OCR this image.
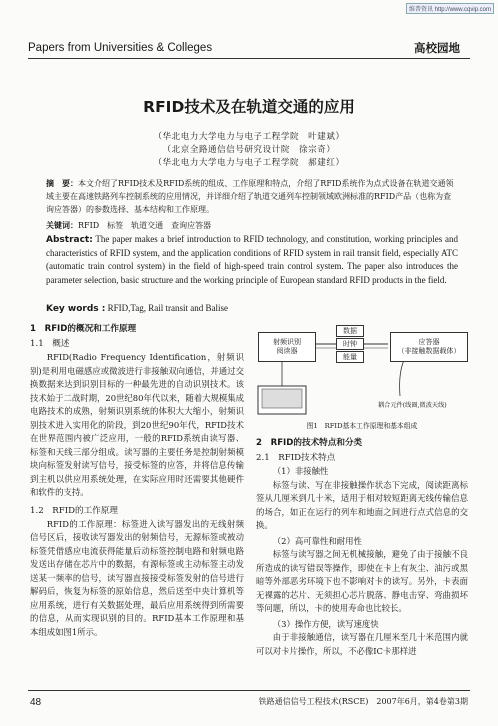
维普资讯 http://www.cqvip.com
Papers from Universities & Colleges	高校园地
RFID技术及在轨道交通的应用
（华北电力大学电力与电子工程学院　叶建斌）
（北京全路通信信号研究设计院　徐宗奇）
（华北电力大学电力与电子工程学院　郝建红）

摘　要：本文介绍了RFID技术及RFID系统的组成、工作原理和特点，介绍了RFID系统作为点式设备在轨道交通领域主要在高速铁路列车控制系统的应用情况，并详细介绍了轨道交通列车控制领域欧洲标准的RFID产品（也称为查询应答器）的参数选择、基本结构和工作原理。

关键词：RFID　标签　轨道交通　查询应答器

Abstract: The paper makes a brief introduction to RFID technology, and constitution, working principles and characteristics of RFID system, and the application conditions of RFID system in rail transit field, especially ATC (automatic train control system) in the field of high-speed train control system. The paper also introduces the parameter selection, basic structure and the working principle of European standard RFID products in the field.

Key words : RFID,Tag, Rail transit and Balise

1　RFID的概况和工作原理
1.1　概述

RFID(Radio Frequency Identification，射频识别)是利用电磁感应或微波进行非接触双向通信，并通过交换数据来达到识别目标的一种最先进的自动识别技术。该技术始于二战时期，20世纪80年代以来，随着大规模集成电路技术的成熟，射频识别系统的体积大大缩小，射频识别技术进入实用化的阶段，到20世纪90年代，RFID技术在世界范围内被广泛应用，一般的RFID系统由读写器、标签和天线三部分组成。读写器的主要任务是控制射频模块向标签发射读写信号，接受标签的应答，并将信息传输到主机以供应用系统处理，在实际应用时还需要其他硬件和软件的支持。

1.2　RFID的工作原理

RFID的工作原理：标签进入读写器发出的无线射频信号区后，接收读写器发出的射频信号，无源标签或被动标签凭借感应电流获得能量后动标签控制电路和射频电路发送出存储在芯片中的数据，有源标签或主动标签主动发送某一频率的信号，读写器直接接受标签发射的信号进行解码后，恢复为标签的原始信息，然后送至中央计算机等应用系统，进行有关数据处理，最后应用系统得到所需要的信息，从而实现识别的目的。RFID基本工作原理和基本组成如图1所示。

射频识别
阅读器
数据
时钟
能量
应答器
（非接触数据载体）
耦合元件(线圈,微波天线)
图1　RFID基本工作原理和基本组成
2　RFID的技术特点和分类
2.1　RFID技术特点
（1）非接触性

标签与读、写在非接触操作状态下完成，阅读距离标签从几厘米到几十米，适用于相对较短距离无线传输信息的场合，如正在运行的列车和地面之间进行点式信息的交换。

（2）高可靠性和耐用性

标签与读写器之间无机械接触，避免了由于接触不良所造成的读写错误等操作，即使在卡上有灰尘、油污或黑暗等外部恶劣环境下也不影响对卡的读写。另外，卡表面无裸露的芯片、无须担心芯片脱落、静电击穿、弯曲损坏等问题，所以，卡的使用寿命也比较长。

（3）操作方便，读写速度快

由于非接触通信，读写器在几厘米至几十米范围内就可以对卡片操作，所以，不必像IC卡那样进

48	铁路通信信号工程技术(RSCE)　2007年6月，第4卷第3期
